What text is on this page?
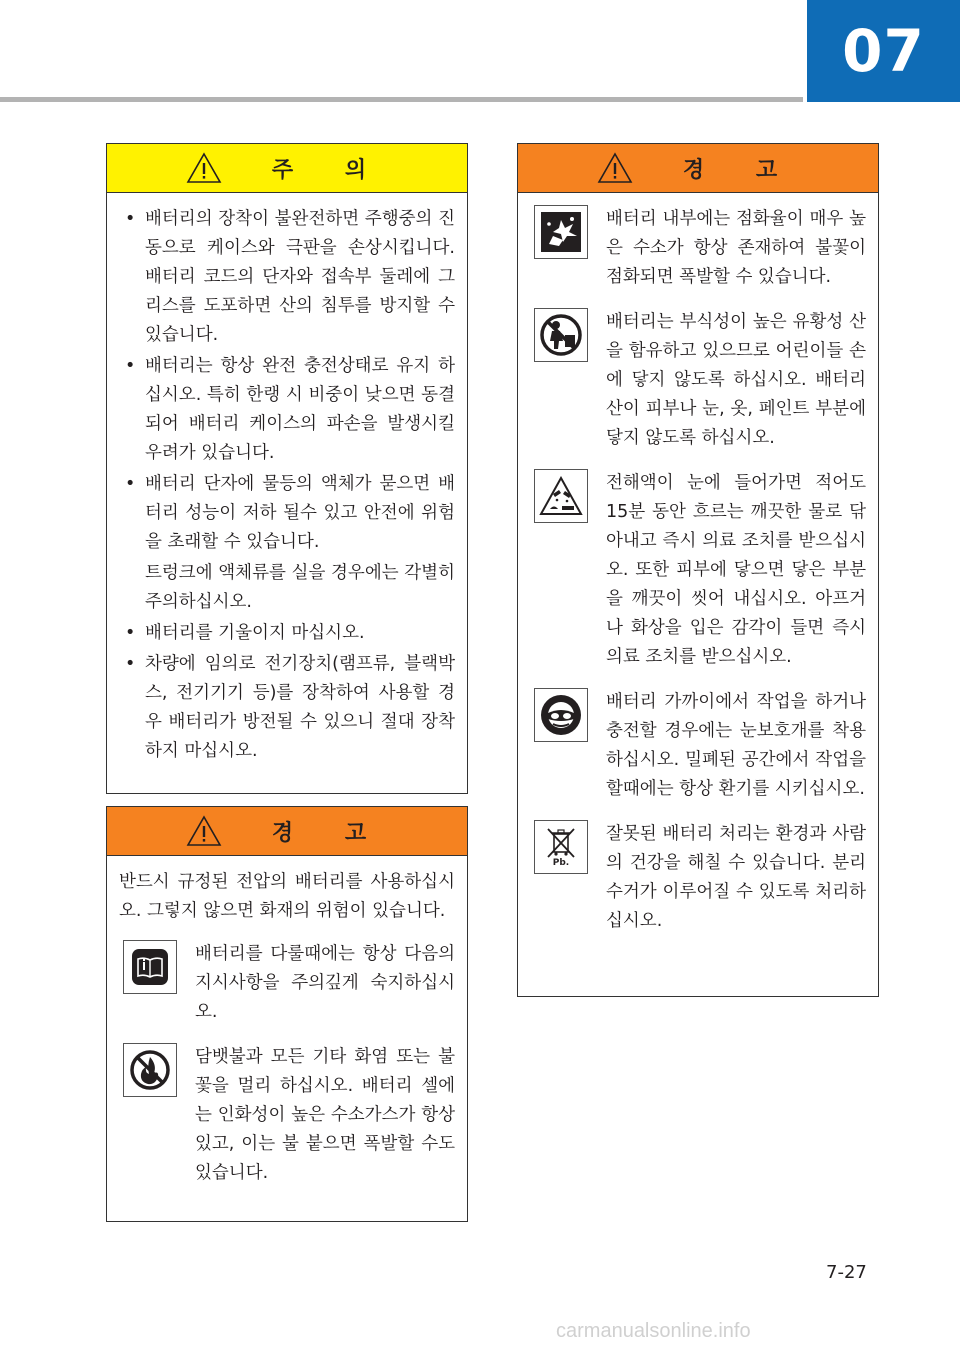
07
주 의
• 배터리의 장착이 불완전하면 주행중의 진동으로 케이스와 극판을 손상시킵니다. 배터리 코드의 단자와 접속부 둘레에 그리스를 도포하면 산의 침투를 방지할 수 있습니다.
• 배터리는 항상 완전 충전상태로 유지 하십시오. 특히 한랭 시 비중이 낮으면 동결되어 배터리 케이스의 파손을 발생시킬 우려가 있습니다.
• 배터리 단자에 물등의 액체가 묻으면 배터리 성능이 저하 될수 있고 안전에 위험을 초래할 수 있습니다.
트렁크에 액체류를 실을 경우에는 각별히 주의하십시오.
• 배터리를 기울이지 마십시오.
• 차량에 임의로 전기장치(램프류, 블랙박스, 전기기기 등)를 장착하여 사용할 경우 배터리가 방전될 수 있으니 절대 장착하지 마십시오.
경 고
반드시 규정된 전압의 배터리를 사용하십시오. 그렇지 않으면 화재의 위험이 있습니다.
배터리를 다룰때에는 항상 다음의 지시사항을 주의깊게 숙지하십시오.
담뱃불과 모든 기타 화염 또는 불꽃을 멀리 하십시오. 배터리 셀에는 인화성이 높은 수소가스가 항상 있고, 이는 불 붙으면 폭발할 수도 있습니다.
경 고
배터리 내부에는 점화율이 매우 높은 수소가 항상 존재하여 불꽃이 점화되면 폭발할 수 있습니다.
배터리는 부식성이 높은 유황성 산을 함유하고 있으므로 어린이들 손에 닿지 않도록 하십시오. 배터리 산이 피부나 눈, 옷, 페인트 부분에 닿지 않도록 하십시오.
전해액이 눈에 들어가면 적어도 15분 동안 흐르는 깨끗한 물로 닦아내고 즉시 의료 조치를 받으십시오. 또한 피부에 닿으면 닿은 부분을 깨끗이 씻어 내십시오. 아프거나 화상을 입은 감각이 들면 즉시 의료 조치를 받으십시오.
배터리 가까이에서 작업을 하거나 충전할 경우에는 눈보호개를 착용하십시오. 밀폐된 공간에서 작업을 할때에는 항상 환기를 시키십시오.
Pb.
잘못된 배터리 처리는 환경과 사람의 건강을 해칠 수 있습니다. 분리수거가 이루어질 수 있도록 처리하십시오.
7-27
carmanualsonline.info
